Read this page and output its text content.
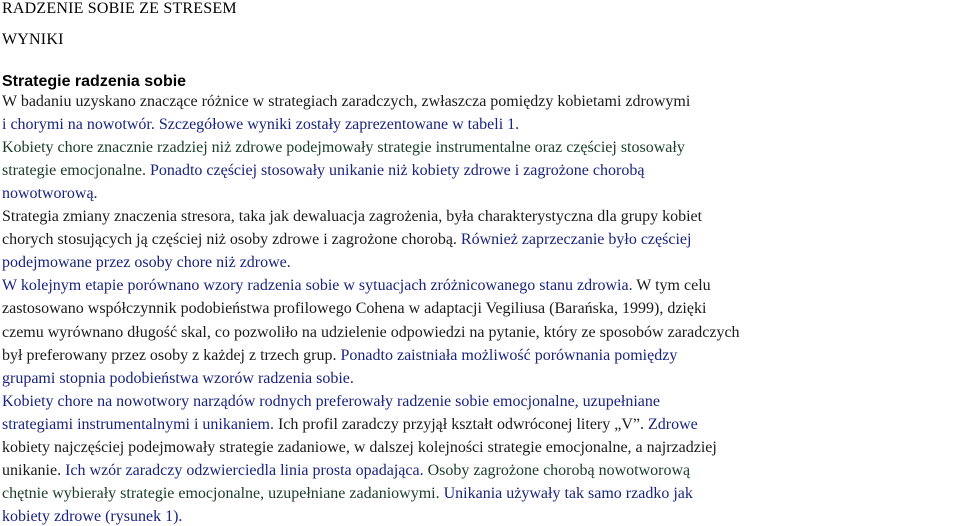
RADZENIE SOBIE ZE STRESEM
WYNIKI
Strategie radzenia sobie
W badaniu uzyskano znaczące różnice w strategiach zaradczych, zwłaszcza pomiędzy kobietami zdrowymi
i chorymi na nowotwór. Szczegółowe wyniki zostały zaprezentowane w tabeli 1.
Kobiety chore znacznie rzadziej niż zdrowe podejmowały strategie instrumentalne oraz częściej stosowały
strategie emocjonalne. Ponadto częściej stosowały unikanie niż kobiety zdrowe i zagrożone chorobą
nowotworową.
Strategia zmiany znaczenia stresora, taka jak dewaluacja zagrożenia, była charakterystyczna dla grupy kobiet
chorych stosujących ją częściej niż osoby zdrowe i zagrożone chorobą. Również zaprzeczanie było częściej
podejmowane przez osoby chore niż zdrowe.
W kolejnym etapie porównano wzory radzenia sobie w sytuacjach zróżnicowanego stanu zdrowia. W tym celu
zastosowano współczynnik podobieństwa profilowego Cohena w adaptacji Vegiliusa (Barańska, 1999), dzięki
czemu wyrównano długość skal, co pozwoliło na udzielenie odpowiedzi na pytanie, który ze sposobów zaradczych
był preferowany przez osoby z każdej z trzech grup. Ponadto zaistniała możliwość porównania pomiędzy
grupami stopnia podobieństwa wzorów radzenia sobie.
Kobiety chore na nowotwory narządów rodnych preferowały radzenie sobie emocjonalne, uzupełniane
strategiami instrumentalnymi i unikaniem. Ich profil zaradczy przyjął kształt odwróconej litery „V”. Zdrowe
kobiety najczęściej podejmowały strategie zadaniowe, w dalszej kolejności strategie emocjonalne, a najrzadziej
unikanie. Ich wzór zaradczy odzwierciedla linia prosta opadająca. Osoby zagrożone chorobą nowotworową
chętnie wybierały strategie emocjonalne, uzupełniane zadaniowymi. Unikania używały tak samo rzadko jak
kobiety zdrowe (rysunek 1).
